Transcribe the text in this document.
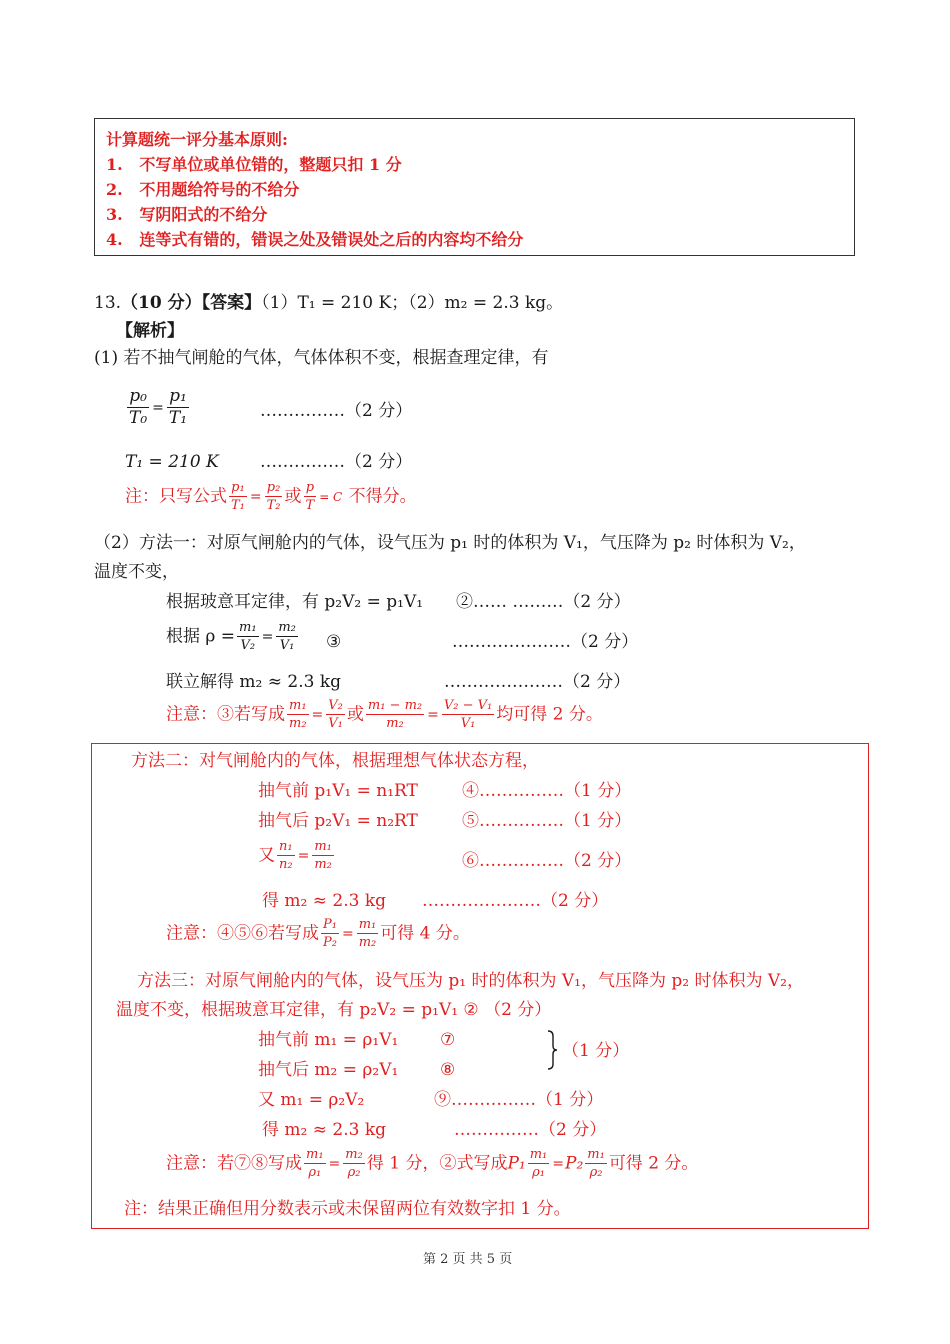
计算题统一评分基本原则:
1. 不写单位或单位错的，整题只扣 1 分
2. 不用题给符号的不给分
3. 写阴阳式的不给分
4. 连等式有错的，错误之处及错误处之后的内容均不给分
13.（10 分）【答案】（1）T₁ = 210 K；（2）m₂ = 2.3 kg。
【解析】
(1) 若不抽气闸舱的气体，气体体积不变，根据查理定律，有
$\frac{\text{p₀}}{\text{T₀}} = \frac{\text{p₁}}{\text{T₁}}$	……………（2 分）
T₁ = 210 K ……………（2 分）
注：只写公式 $\frac{\text{p₁}}{\text{T₁}} = \frac{\text{p₂}}{\text{T₂}}$ 或 $\frac{p}{T} = C$ 不得分。
（2）方法一：对原气闸舱内的气体，设气压为 p₁ 时的体积为 V₁，气压降为 p₂ 时体积为 V₂，
温度不变，
根据玻意耳定律，有 p₂V₂ = p₁V₁ ②…… ………（2 分）
根据 $\rho = \frac{\text{m₁}}{\text{V₂}} = \frac{\text{m₂}}{\text{V₁}}$ ③	…………………（2 分）
联立解得 m₂ ≈ 2.3 kg	…………………（2 分）
注意：③若写成 $\frac{\text{m₁}}{\text{m₂}} = \frac{\text{V₂}}{\text{V₁}}$ 或 $\frac{\text{m₁ − m₂}}{\text{m₂}} = \frac{\text{V₂ − V₁}}{\text{V₁}}$ 均可得 2 分。
方法二：对气闸舱内的气体，根据理想气体状态方程，
抽气前 p₁V₁ = n₁RT	④……………（1 分）
抽气后 p₂V₁ = n₂RT	⑤……………（1 分）
又 $\frac{\text{n₁}}{\text{n₂}} = \frac{\text{m₁}}{\text{m₂}}$	⑥……………（2 分）
得 m₂ ≈ 2.3 kg …………………（2 分）
注意：④⑤⑥若写成 $\frac{\text{P₁}}{\text{P₂}} = \frac{\text{m₁}}{\text{m₂}}$ 可得 4 分。
方法三：对原气闸舱内的气体，设气压为 p₁ 时的体积为 V₁，气压降为 p₂ 时体积为 V₂，
温度不变，根据玻意耳定律，有 p₂V₂ = p₁V₁ ② （2 分）
抽气前 m₁ = ρ₁V₁ ⑦
抽气后 m₂ = ρ₂V₁ ⑧
（1 分）
又 m₁ = ρ₂V₂	⑨……………（1 分）
得 m₂ ≈ 2.3 kg	……………（2 分）
注意：若⑦⑧写成 $\frac{\text{m₁}}{\text{ρ₁}} = \frac{\text{m₂}}{\text{ρ₂}}$ 得 1 分，②式写成$P_1 \frac{\text{m₁}}{\text{ρ₁}} =P_2 \frac{\text{m₁}}{\text{ρ₂}}$ 可得 2 分。
注：结果正确但用分数表示或未保留两位有效数字扣 1 分。
第 2 页 共 5 页
